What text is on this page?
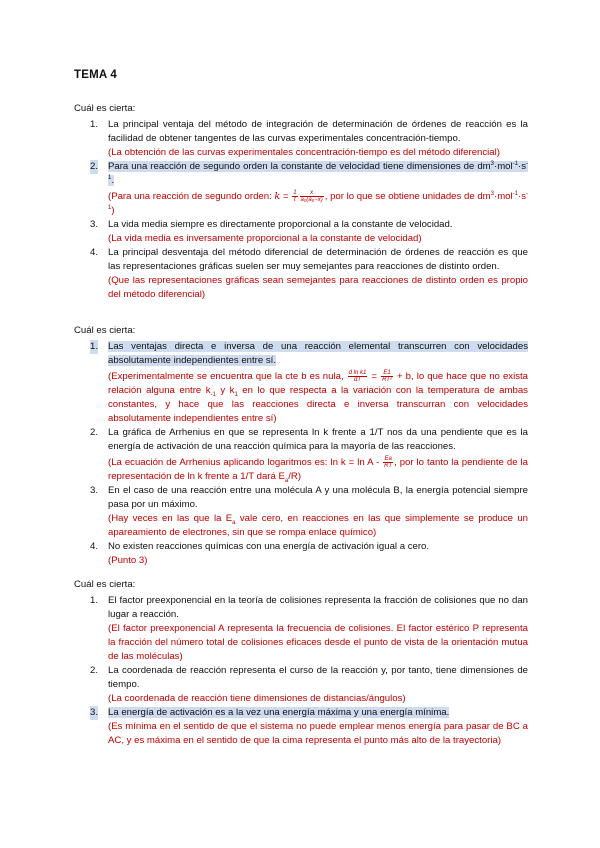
TEMA 4
Cuál es cierta:
1. La principal ventaja del método de integración de determinación de órdenes de reacción es la facilidad de obtener tangentes de las curvas experimentales concentración-tiempo.
(La obtención de las curvas experimentales concentración-tiempo es del método diferencial)
2. Para una reacción de segundo orden la constante de velocidad tiene dimensiones de $dm^3\cdot mol^{-1}\cdot s^{-1}$.
(Para una reacción de segundo orden: $k = \frac{1}{t} \frac{x}{\text{a₀(a₀−x)}}$ , por lo que se obtiene unidades de $dm^3\cdot mol^{-1}\cdot s^{-1}$)
3. La vida media siempre es directamente proporcional a la constante de velocidad.
(La vida media es inversamente proporcional a la constante de velocidad)
4. La principal desventaja del método diferencial de determinación de órdenes de reacción es que las representaciones gráficas suelen ser muy semejantes para reacciones de distinto orden.
(Que las representaciones gráficas sean semejantes para reacciones de distinto orden es propio del método diferencial)
Cuál es cierta:
1. Las ventajas directa e inversa de una reacción elemental transcurren con velocidades absolutamente independientes entre sí.
(Experimentalmente se encuentra que la cte b es nula, $\frac{\text{d ln k1}}{dT} = \frac{E1}{\text{RT²}} + b$, lo que hace que no exista relación alguna entre $k_{-1}$ y $k_1$ en lo que respecta a la variación con la temperatura de ambas constantes, y hace que las reacciones directa e inversa transcurran con velocidades absolutamente independientes entre sí)
2. La gráfica de Arrhenius en que se representa ln k frente a 1/T nos da una pendiente que es la energía de activación de una reacción química para la mayoría de las reacciones.
(La ecuación de Arrhenius aplicando logaritmos es: $\ln k = \ln A - \frac{Ea}{RT}$ , por lo tanto la pendiente de la representación de ln k frente a 1/T dará $E_a/R$)
3. En el caso de una reacción entre una molécula A y una molécula B, la energía potencial siempre pasa por un máximo.
(Hay veces en las que la $E_a$ vale cero, en reacciones en las que simplemente se produce un apareamiento de electrones, sin que se rompa enlace químico)
4. No existen reacciones químicas con una energía de activación igual a cero.
(Punto 3)
Cuál es cierta:
1. El factor preexponencial en la teoría de colisiones representa la fracción de colisiones que no dan lugar a reacción.
(El factor preexponencial A representa la frecuencia de colisiones. El factor estérico P representa la fracción del número total de colisiones eficaces desde el punto de vista de la orientación mutua de las moléculas)
2. La coordenada de reacción representa el curso de la reacción y, por tanto, tiene dimensiones de tiempo.
(La coordenada de reacción tiene dimensiones de distancias/ángulos)
3. La energía de activación es a la vez una energía máxima y una energía mínima.
(Es mínima en el sentido de que el sistema no puede emplear menos energía para pasar de BC a AC, y es máxima en el sentido de que la cima representa el punto más alto de la trayectoria)
